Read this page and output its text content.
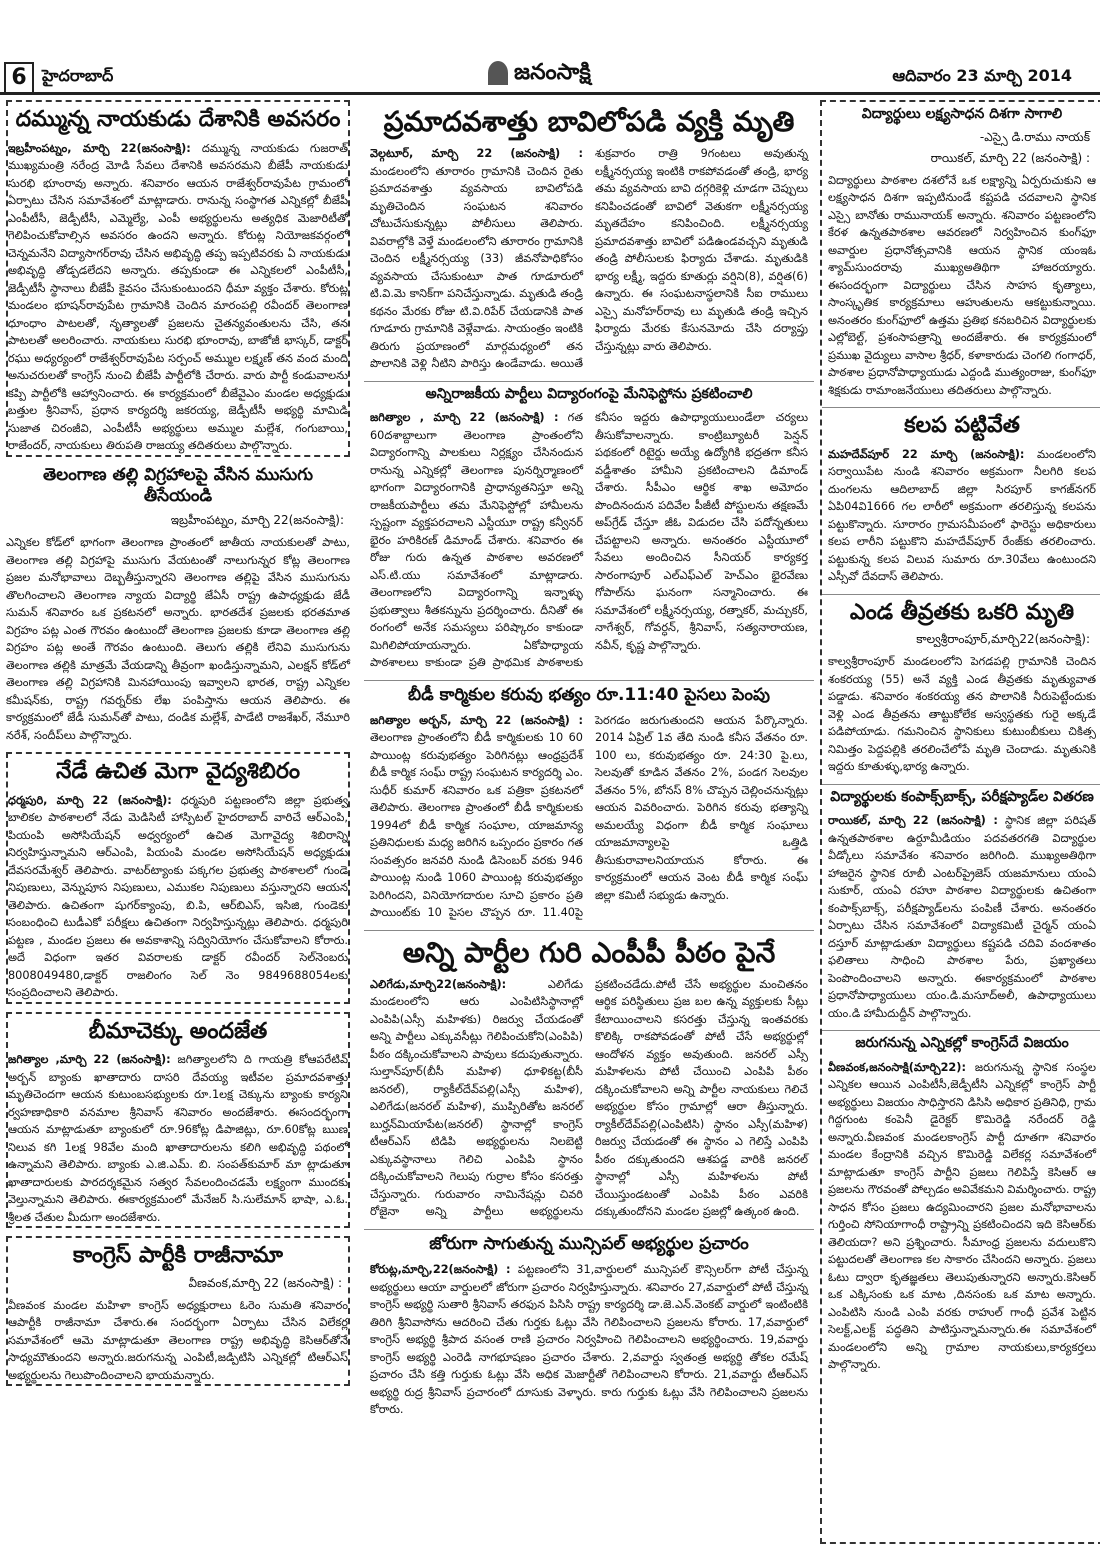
6 హైదరాబాద్	జనంసాక్షి	ఆదివారం 23 మార్చి 2014
దమ్మున్న నాయకుడు దేశానికి అవసరం
ఇబ్రహీంపట్నం, మార్చి 22(జనంసాక్షి): దమ్మున్న నాయకుడు గుజరాత్ ముఖ్యమంత్రి నరేంద్ర మోడి సేవలు దేశానికి అవసరమని బీజేపీ నాయకుడు సురభి భూంరావు అన్నారు. శనివారం ఆయన రాజేశ్వర్‌రావుపేట గ్రామంలో ఏర్పాటు చేసిన సమావేశంలో మాట్లాడారు. రానున్న సంస్థాగత ఎన్నికల్లో బీజేపీ ఎంపీటీసీ, జెడ్పీటీసీ, ఎమ్మెల్యే, ఎంపీ అభ్యర్థులను అత్యధిక మెజారిటీతో గెలిపించుకోవాల్సిన అవసరం ఉందని అన్నారు. కోరుట్ల నియోజకవర్గంలో చెన్నమనేని విద్యాసాగర్‌రావు చేసిన అభివృద్ధి తప్ప ఇప్పటివరకు ఏ నాయకుడు అభివృద్ధి తోడ్పడలేదని అన్నారు. తప్పకుండా ఈ ఎన్నికలలో ఎంపీటీసీ, జెడ్పీటీసీ స్థానాలు బీజేపీ కైవసం చేసుకుంటుందని ధీమా వ్యక్తం చేశారు. కోరుట్ల మండలం భూషన్‌రావుపేట గ్రామానికి చెందిన మారంపల్లి రవీందర్ తెలంగాణ ధూంధాం పాటలతో, నృత్యాలతో ప్రజలను చైతన్యవంతులను చేసి, తన పాటలతో అలరించారు. నాయకులు సురభి భూంరావు, బాజోజీ భాస్కర్, డాక్టర్ రఘు అధ్యర్యంలో రాజేశ్వర్‌రావుపేట సర్పంచ్ అమ్ముల లక్ష్మణ్ తన వంద మంది అనుచరులతో కాంగ్రెస్ నుంచి బీజేపీ పార్టీలోకి చేరారు. వారు పార్టీ కండువాలను కప్పి పార్టీలోకి ఆహ్వానించారు. ఈ కార్యక్రమంలో బీజేవైఎం మండల అధ్యక్షుడు బత్తుల శ్రీనివాస్, ప్రధాన కార్యదర్శి జకరయ్య, జెడ్పీటీసీ అభ్యర్థి మామిడి సుజాత చిరంజీవి, ఎంపీటీసీ అభ్యర్థులు అమ్ముల మల్లేశ, గంగుబాయి, రాజేందర్, నాయకులు తిరుపతి రాజయ్య తదితరులు పాల్గొన్నారు.
తెలంగాణ తల్లి విగ్రహాలపై వేసిన ముసుగు తీసేయండి
ఇబ్రహీంపట్నం, మార్చి 22(జనంసాక్షి):
ఎన్నికల కోడ్‌లో భాగంగా తెలంగాణ ప్రాంతంలో జాతీయ నాయకులతో పాటు, తెలంగాణ తల్లి విగ్రహాపై ముసుగు వేయటంతో నాలుగున్నర కోట్ల తెలంగాణ ప్రజల మనోభావాలు దెబ్బతీస్తున్నారని తెలంగాణ తల్లిపై వేసిన ముసుగును తొలగించాలని తెలంగాణ న్యాయ విద్యార్థి జేఏసీ రాష్ట్ర ఉపాధ్యక్షుడు జేడీ సుమన్ శనివారం ఒక ప్రకటనలో అన్నారు. భారతదేశ ప్రజలకు భరతమాత విగ్రహం పట్ల ఎంత గౌరవం ఉంటుందో తెలంగాణ ప్రజలకు కూడా తెలంగాణ తల్లి విగ్రహం పట్ల అంతే గౌరవం ఉంటుంది. తెలుగు తల్లికి లేనివి ముసుగును తెలంగాణ తల్లికి మాత్రమే వేయడాన్ని తీవ్రంగా ఖండిస్తున్నామని, ఎలక్షన్ కోడ్‌లో తెలంగాణ తల్లి విగ్రహానికి మినహాయింపు ఇవ్వాలని భారత, రాష్ట్ర ఎన్నికల కమీషన్‌కు, రాష్ట్ర గవర్నర్‌కు లేఖ పంపిస్తాను ఆయన తెలిపారు. ఈ కార్యక్రమంలో జేడీ సుమన్‌తో పాటు, దండిక మల్లేశ్, పాడేటి రాజశేఖర్, నేమూరి నరేశ్, సందీప్‌లు పాల్గొన్నారు.
నేడే ఉచిత మెగా వైద్యశిబిరం
ధర్మపురి, మార్చి 22 (జనంసాక్షి): ధర్మపురి పట్టణంలోని జిల్లా ప్రభుత్వ బాలికల పాఠశాలలో నేడు మెడిసిటీ హాస్పిటల్ హైదరాబాద్ వారిచే ఆర్‌ఎంపి, పియంపి అసోసియేషన్ అధ్వర్యంలో ఉచిత మెగావైద్య శిబిరాన్ని నిర్వహిస్తున్నామని ఆర్‌ఎంపి, పియంపి మండల అసోసియేషన్ అధ్యక్షుడు దేవసరమేశ్వర్ తెలిపారు. వాటర్‌ట్యాంకు పక్కగల ప్రభుత్వ పాఠశాలలో గుండె నిపుణులు, వెన్నుపూస నిపుణులు, ఎముకల నిపుణులు వస్తున్నారని ఆయన తెలిపారు. ఉచితంగా షుగర్‌క్యాంపు, బి.పి, ఆర్‌బిఎస్, ఇసిజి, గుండెకు సంబంధించి టుడీఎకో పరీక్షలు ఉచితంగా నిర్వహిస్తున్నట్లు తెలిపారు. ధర్మపురి పట్టణ , మండల ప్రజలు ఈ అవకాశాన్ని సద్వినియోగం చేసుకోవాలని కోరారు. అదే విధంగా ఇతర వివరాలకు డాక్టర్ రవీందర్ సెల్‌నెంబరు 8008049480,డాక్టర్ రాజలింగం సెల్ నెం 9849688054లకు సంప్రదించాలని తెలిపారు.
బీమాచెక్కు అందజేత
జగిత్యాల ,మార్చి 22 (జనంసాక్షి): జగిత్యాలలోని ది గాయత్రి కోఆపరేటివ్ అర్బన్ బ్యాంకు ఖాతాదారు దాసరి దేవయ్య ఇటీవల ప్రమాదవశాత్తు మృతిచెందగా ఆయన కుటుంబసభ్యులకు రూ.1లక్ష చెక్కును బ్యాంకు కార్యని ర్వహణాధికారి వనమాల శ్రీనివాస్ శనివారం అందజేశారు. ఈసందర్భంగా ఆయన మాట్లాడుతూ బ్యాంకులో రూ.96కోట్ల డిపాజిట్లు, రూ.60కోట్ల ఋణ నిలువ కగి 1లక్ష 98వేల మంది ఖాతాదారులను కలిగి అభివృద్ధి పథంలో ఉన్నామని తెలిపారు. బ్యాంకు ఎ.జి.ఎమ్. బి. సంపత్‌కుమార్ మా ట్లాడుతూ ఖాతాదారులకు పారదర్శకమైన సత్వర సేవలందించడమే లక్ష్యంగా ముందకు వెల్తున్నామని తెలిపారు. ఈకార్యక్రమంలో మేనేజర్ సి.సులేమాన్ భాషా, ఎ.ఓ. శ్రీలత చేతుల మీదుగా అందజేశారు.
కాంగ్రెస్ పార్టీకి రాజీనామా
వీణవంక,మార్చి 22 (జనంసాక్షి) :
వీణవంక మండల మహిళా కాంగ్రెస్ అధ్యక్షురాలు ఓరెం సుమతి శనివారం ఆపార్టీకి రాజీనామా చేశారు.ఈ సందర్భంగా ఏర్పాటు చేసిన విలేకర్ల సమావేశంలో ఆమె మాట్లాడుతూ తెలంగాణ రాష్ట్ర అభివృద్ధి కెసిఆర్‌తోనే సాధ్యమౌతుందని అన్నారు.జరుగనున్న ఎంపిటీ,జడ్పిటిసి ఎన్నికల్లో టిఆర్ఎస్ అభ్యర్థులను గెలుపొందించాలని భాయమన్నారు.
ప్రమాదవశాత్తు బావిలోపడి వ్యక్తి మృతి
వెల్గటూర్, మార్చి 22 (జనంసాక్షి) : మండలంలోని తూరారం గ్రామానికి చెందిన రైతు ప్రమాదవశాత్తు వ్యవసాయ బావిలోపడి మృతిచెందిన సంఘటన శనివారం చోటుచేసుకున్నట్లు పోలీసులు తెలిపారు. వివరాల్లోకి వెళ్తే మండలంలోని తూరారం గ్రామానికి చెందిన లక్ష్మీనర్సయ్య (33) జీవనోపాధికోసం వ్యవసాయ చేసుకుంటూ పాత గూడూరులో టి.వి.మె కానిక్‌గా పనిచేస్తున్నాడు. మృతుడి తండ్రి కథనం మేరకు రోజు టి.వి.రిపేర్ చేయడానికి పాత గూడూరు గ్రామానికి వెళ్లేవాడు. సాయంత్రం ఇంటికి తిరుగు ప్రయాణంలో మార్గమధ్యంలో తన పొలానికి వెళ్లి నీటిని పారిస్తు ఉండేవాడు. అయితే శుక్రవారం రాత్రి 9గంటలు అవుతున్న లక్ష్మీనర్సయ్య ఇంటికి రాకపోవడంతో తండ్రి, భార్య తమ వ్యవసాయ బావి దగ్గరికెళ్లి చూడగా చెప్పులు కనిపించడంతో బావిలో వెతుకగా లక్ష్మీనర్సయ్య మృతదేహం కనిపించింది. లక్ష్మీనర్సయ్య ప్రమాదవశాత్తు బావిలో పడిఉండవచ్చని మృతుడి తండ్రి పోలీసులకు ఫిర్యాదు చేశాడు. మృతుడికి భార్య లక్ష్మీ, ఇద్దరు కూతుర్లు వర్షిని(8), వర్షిత(6) ఉన్నారు. ఈ సంఘటనాస్థలానికి సీఐ రాములు ఎస్సై మనోహర్‌రావు లు మృతుడి తండ్రి ఇచ్చిన ఫిర్యాదు మేరకు కేసునమోదు చేసి దర్యాప్తు చేస్తున్నట్లు వారు తెలిపారు.
అన్నిరాజకీయ పార్టీలు విద్యారంగంపై మేనిఫెస్టోను ప్రకటించాలి
జగిత్యాల , మార్చి 22 (జనంసాక్షి) : గత 60దశాబ్దాలుగా తెలంగాణ ప్రాంతంలోని విద్యారంగాన్ని పాలకులు నిర్లక్ష్యం చేసినందున రానున్న ఎన్నికల్లో తెలంగాణ పునర్నిర్మాణంలో భాగంగా విద్యారంగానికి ప్రాధాన్యతనిస్తూ అన్ని రాజకీయపార్టీలు తమ మేనిఫెస్టోల్లో హామీలను స్పష్టంగా వ్యక్తపరచాలని ఎస్టీయూ రాష్ట్ర కన్వీనర్ భైరం హరికిరణ్ డిమాండ్ చేశారు. శనివారం ఈ రోజు గురు ఉన్నత పాఠశాల అవరణలో ఎస్.టి.యు సమావేశంలో మాట్లాడారు. తెలంగాణలోని విద్యారంగాన్ని ఇన్నాళ్ళు ప్రభుత్వాలు శీతకన్నును ప్రదర్శించారు. దీనితో ఈ రంగంలో అనేక సమస్యలు పరిష్కారం కాకుండా మిగిలిపోయాయన్నారు. ఏకోపాధ్యాయ పాఠశాలలు కాకుండా ప్రతి ప్రాథమిక పాఠశాలకు కనీసం ఇద్దరు ఉపాధ్యాయులుండేలా చర్యలు తీసుకోవాలన్నారు. కాంట్రిబ్యూటరీ పెన్షన్ పథకంలో రిటైర్డు అయ్యే ఉద్యోగికి భద్రతగా కనీస వడ్డీశాతం హామీని ప్రకటించాలని డిమాండ్ చేశారు. సీపీఎం ఆర్థిక శాఖ అమోదం పొందినందున పదివేల పీజీటీ పోస్టులను తక్షణమే అప్‌గ్రేడ్ చేస్తూ జీఓ విడుదల చేసి పదోన్నతులు చేపట్టాలని అన్నారు. అనంతరం ఎస్టీయూలో సేవలు అందించిన సీనియర్ కార్యకర్త సారంగాపూర్ ఎల్‌ఎఫ్‌ఎల్ హెచ్‌ఎం భైరవేణు గోపాల్‌ను ఘనంగా సన్మానించారు. ఈ సమావేశంలో లక్ష్మీనర్సయ్య, రత్నాకర్, మచ్చుకర్, నాగేశ్వర్, గోవర్ధన్, శ్రీనివాస్, సత్యనారాయణ, నవీన్, కృష్ణ పాల్గొన్నారు.
బీడీ కార్మికుల కరువు భత్యం రూ.11:40 పైసలు పెంపు
జగిత్యాల అర్బన్, మార్చి 22 (జనంసాక్షి) : తెలంగాణ ప్రాంతంలోని బీడీ కార్మికులకు 10 60 పాయింట్ల కరువుభత్యం పెరిగినట్లు ఆంధ్రప్రదేశ్ బీడీ కార్మిక సంఘ్ రాష్ట్ర సంఘటన కార్యదర్శి ఎం. సుధీర్ కుమార్ శనివారం ఒక పత్రికా ప్రకటనలో తెలిపారు. తెలంగాణ ప్రాంతంలో బీడీ కార్మికులకు 1994లో బీడీ కార్మిక సంఘాల, యాజమాన్య ప్రతినిధులకు మధ్య జరిగిన ఒప్పందం ప్రకారం గత సంవత్సరం జనవరి నుండి డిసెంబర్ వరకు 946 పాయింట్ల నుండి 1060 పాయింట్ల కరువుభత్యం పెరిగిందని, వినియోగదారుల సూచి ప్రకారం ప్రతి పాయింట్‌కు 10 పైసల చొప్పన రూ. 11.40పై పెరగడం జరుగుతుందని ఆయన పేర్కొన్నారు. 2014 ఏప్రిల్ 1వ తేది నుండి కనీస వేతనం రూ. 100 లు, కరువుభత్యం రూ. 24:30 పై.లు, సెలవుతో కూడిన వేతనం 2%, పండగ సెలవుల వేతనం 5%, బోనస్ 8% చొప్పన చెల్లించనున్నట్లు ఆయన వివరించారు. పెరిగిన కరువు భత్యాన్ని అమలయ్యే విధంగా బీడీ కార్మిక సంఘాలు యాజమాన్యాలపై ఒత్తిడి తీసుకురావాలనియాయన కోరారు. ఈ కార్యక్రమంలో ఆయన వెంట బీడీ కార్మిక సంఘ్ జిల్లా కమిటీ సభ్యుడు ఉన్నారు.
అన్ని పార్టీల గురి ఎంపీపీ పీఠం పైనే
ఎలిగేడు,మార్చి22(జనంసాక్షి):	ఎలిగేడు మండలంలోని ఆరు ఎంపిటిసిస్థానాల్లో ఎంపిపి(ఎస్సీ మహిళకు) రిజర్వు చేయడంతో అన్ని పార్టీలు ఎక్కువసీట్లు గెలిపించుకోని(ఎంపిపి) పీఠం దక్కించుకోవాలని పావులు కదుపుతున్నారు. సుల్తాన్‌పూర్(బీసీ మహిళ) ధూళికట్ట(బీసీ జనరల్), ర్యాకీల్‌దేవ్‌పల్లి(ఎస్సీ మహిళ), ఎలిగేడు(జనరల్ మహిళ), ముప్పిరితోట జనరల్ బుర్హన్‌మియాపేట(జనరల్) స్థానాల్లో కాంగ్రెస్ టీఆర్ఎస్ టిడిపి అభ్యర్థులను నిలబెట్టి ఎక్కువస్థానాలు గెలిచి ఎంపిపి స్థానం దక్కించుకోవాలని గెలుపు గుర్రాల కోసం కసరత్తు చేస్తున్నారు. గురువారం నామినేషన్లు చివరి రోజైనా అన్ని పార్టీలు అభ్యర్థులను ప్రకటించడేదు.పోటీ చేసే అభ్యర్థుల మంచితనం ఆర్థిక పరిస్థితులు ప్రజ బల ఉన్న వ్యక్తులకు సీట్లు కేటాయించాలని కసరత్తు చేస్తున్న ఇంతవరకు కొలిక్కి రాకపోవడంతో పోటీ చేసే అభ్యర్థుల్లో ఆందోళన వ్యక్తం అవుతుంది. జనరల్ ఎస్సీ మహిళలను పోటీ చేయించి ఎంపిపి పీఠం దక్కించుకోవాలని అన్ని పార్టీల నాయకులు గెలిచే అభ్యర్థుల కోసం గ్రామాల్లో ఆరా తీస్తున్నారు. ర్యాకీల్‌దేవ్‌పల్లి(ఎంపిటిసి) స్థానం ఎస్సీ(మహిళ) రిజర్వు చేయడంతో ఈ స్థానం ఎ గెలిస్తే ఎంపిపి పీఠం దక్కుతుందని ఆశపడ్డ వారికి జనరల్ స్థానాల్లో ఎస్సీ మహిళలను పోటీ చేయిస్తుండటంతో ఎంపిపి పీఠం ఎవరికి దక్కుతుందోనని మండల ప్రజల్లో ఉత్కంఠ ఉంది.
జోరుగా సాగుతున్న మున్సిపల్ అభ్యర్థుల ప్రచారం
కోరుట్ల,మార్చి,22(జనంసాక్షి) : పట్టణంలోని 31,వార్డులలో మున్సిపల్ కౌన్సిలర్‌గా పోటీ చేస్తున్న అభ్యర్థులు ఆయా వార్డులలో జోరుగా ప్రచారం నిర్వహిస్తున్నారు. శనివారం 27,వవార్డులో పోటీ చేస్తున్న కాంగ్రెస్ అభ్యర్థి సుతారి శ్రీనివాస్ తరఫున పిసిసి రాష్ట్ర కార్యదర్శి డా.జె.ఎన్.వెంకట్ వార్డులో ఇంటింటికి తిరిగి శ్రీనివాసోను ఆదరించి చేతు గుర్తకు ఓట్లు వేసి గెలిపించాలని ప్రజలను కోరారు. 17,వవార్డులో కాంగ్రెస్ అభ్యర్థి శ్రీపాద వసంత రాణి ప్రచారం నిర్వహించి గెలిపించాలని అభ్యర్థించారు. 19,వవార్డు కాంగ్రెస్ అభ్యర్థి ఎంరెడి నాగభూషణం ప్రచారం చేశారు. 2,వవార్డు స్వతంత్ర అభ్యర్థి తోకల రమేష్ ప్రచారం చేసి కత్తి గుర్తుకు ఓట్లు వేసి అధిక మెజార్టీతో గెలిపించాలని కోరారు. 21,వవార్డు టీఆర్ఎస్ అభ్యర్థి రుద్ర శ్రీనివాస్ ప్రచారంలో దూసుకు వెళ్ళారు. కారు గుర్తుకు ఓట్లు వేసి గెలిపించాలని ప్రజలను కోరారు.
విద్యార్థులు లక్ష్యసాధన దిశగా సాగాలి
-ఎస్సై డి.రాము నాయక్
రాయికల్, మార్చి 22 (జనంసాక్షి) :
విద్యార్థులు పాఠశాల దశలోనే ఒక లక్ష్యాన్ని ఏర్పరుచుకుని ఆ లక్ష్యసాధన దిశగా ఇప్పటినుండే కష్టపడి చదవాలని స్థానిక ఎస్సై బానోతు రామునాయక్ అన్నారు. శనివారం పట్టణంలోని కేరళ ఉన్నతపాఠశాల ఆవరణలో నిర్వహించిన కుంగ్‌ఫూ అవార్డుల ప్రధానోత్సవానికి ఆయన స్థానిక యంఇఓ శ్యామ్‌సుందరావు ముఖ్యఅతిథిగా హాజరయ్యారు. ఈసందర్భంగా విద్యార్థులు చేసిన సాహస కృత్యాలు, సాంస్కృతిక కార్యక్రమాలు ఆహుతులను ఆకట్టుకున్నాయి. అనంతరం కుంగ్‌ఫూలో ఉత్తమ ప్రతిభ కనబరిచిన విద్యార్థులకు ఎల్లోబెల్ట్, ప్రశంసాపత్రాన్ని అందజేశారు. ఈ కార్యక్రమంలో ప్రముఖ వైద్యులు వాసాల శ్రీధర్, కళాకారుడు చెంగలి గంగాధర్, పాఠశాల ప్రధానోపాధ్యాయుడు ఎద్దండి ముత్యంరాజు, కుంగ్‌ఫూ శిక్షకుడు రామాంజనేయులు తదితరులు పాల్గొన్నారు.
కలప పట్టివేత
మహదేవ్‌పూర్ 22 మార్చి (జనంసాక్షి): మండలంలోని సర్వాయిపేట నుండి శనివారం అక్రమంగా నీలగిరి కలప దుంగలను ఆదిలాబాద్ జిల్లా సిరపూర్ కాగజ్‌నగర్ ఏపి04వి1666 గల లారీలో అక్రమంగా తరలిస్తున్న కలపను పట్టుకొన్నారు. సూరారం గ్రామసమీపంలో ఫారెస్టు అధికారులు కలప లారీని పట్టుకొని మహదేవ్‌పూర్ రేంజ్‌కు తరలించారు. పట్టుకున్న కలప విలువ సుమారు రూ.30వేలు ఉంటుందని ఎస్సీవో దేవదాస్ తెలిపారు.
ఎండ తీవ్రతకు ఒకరి మృతి
కాల్వశ్రీరాంపూర్,మార్చి22(జనంసాక్షి):
కాల్వశ్రీరాంపూర్ మండలంలోని పెగడపల్లి గ్రామానికి చెందిన శంకరయ్య (55) అనే వ్యక్తి ఎండ తీవ్రతకు మృత్యువాత పడ్డాడు. శనివారం శంకరయ్య తన పొలానికి నీరుపెట్టేందుకు వెళ్లి ఎండ తీవ్రతను తాట్టుకోలేక అస్వస్థతకు గురై అక్కడే పడిపోయాడు. గమనించిన స్థానికులు కుటుంబీకులు చికిత్స నిమిత్తం పెద్దపల్లికి తరలించేలోపే మృతి చెందాడు. మృతునికి ఇద్దరు కూతుళ్ళు,భార్య ఉన్నారు.
విద్యార్థులకు కంపాక్స్‌బాక్స్, పరీక్షప్యాడ్‌ల వితరణ
రాయికల్, మార్చి 22 (జనంసాక్షి) : స్థానిక జిల్లా పరిషత్ ఉన్నతపాఠశాల ఉర్దూమీడియం పదవతరగతి విద్యార్థుల వీడ్కోలు సమావేశం శనివారం జరిగింది. ముఖ్యఅతిథిగా హాజరైన స్థానిక రూబీ ఎంటర్‌ప్రైజెస్ యజమానులు యంఏ సుకూర్, యంఏ రహూ పాఠశాల విద్యార్థులకు ఉచితంగా కంపాక్స్‌బాక్స్, పరీక్షప్యాడ్‌లను పంపిణీ చేశారు. అనంతరం ఏర్పాటు చేసిన సమావేశంలో విద్యాకమిటీ చైర్మన్ యంఏ దస్తూర్ మాట్లాడుతూ విద్యార్థులు కష్టపడి చదివి వందశాతం ఫలితాలు సాధించి పాఠశాల పేరు, ప్రఖ్యాతలు పెంపొందించాలని అన్నారు. ఈకార్యక్రమంలో పాఠశాల ప్రధానోపాధ్యాయులు యం.డి.మసూద్‌అలీ, ఉపాధ్యాయులు యం.డి హామీదుద్దీన్ పాల్గొన్నారు.
జరుగనున్న ఎన్నికల్లో కాంగ్రెస్‌దే విజయం
వీణవంక,జనంసాక్షి(మార్చి22): జరుగనున్న స్థానిక సంస్థల ఎన్నికల ఆయిన ఎంపిటీసీ,జెడ్పీటీసి ఎన్నికల్లో కాంగ్రెస్ పార్టీ అభ్యర్థులు విజయం సాధిస్తారని డిసిసి అధికార ప్రతినిధి, గ్రామ గిద్దగుంట కంపెనీ డైరెక్టర్ కొమిరెడ్డి నరేందర్ రెడ్డి అన్నారు.వీణవంక మండలకాంగ్రెస్ పార్టీ దూతగా శనివారం మండల కేంద్రానికి వచ్చిన కొమిరెడ్డి విలేకర్ల సమావేశంలో మాట్లాడుతూ కాంగ్రెస్ పార్టీని ప్రజలు గెలిపిస్తే కెసిఆర్ ఆ ప్రజలను గౌరవంతో పోల్చడం అవివేకమని విమర్శించారు. రాష్ట్ర సాధన కోసం ప్రజలు ఉద్యమించారని ప్రజల మనోభావాలను గుర్తించి సోనియాగాంధీ రాష్ట్రాన్ని ప్రకటించిందని ఇది కెసిఆర్‌కు తెలియదా? అని ప్రశ్నించారు. సీమాంధ్ర ప్రజలను వదులుకొని పట్టుదలతో తెలంగాణ కల సాకారం చేసిందని అన్నారు. ప్రజలు ఓటు ద్వారా కృతజ్ఞతలు తెలుపుతున్నారని అన్నారు.కెసిఆర్ ఒక ఎక్కిసంకు ఒక మాట ,దినసంకు ఒక మాట అన్నారు. ఎంపిటిసి నుండి ఎంపి వరకు రాహుల్ గాంధీ ప్రవేశ పెట్టిన సెలక్ట్,ఎలక్ట్ పద్ధతిని పాటిస్తున్నామన్నారు.ఈ సమావేశంలో మండలంలోని అన్ని గ్రామాల నాయకులు,కార్యకర్తలు పాల్గొన్నారు.
